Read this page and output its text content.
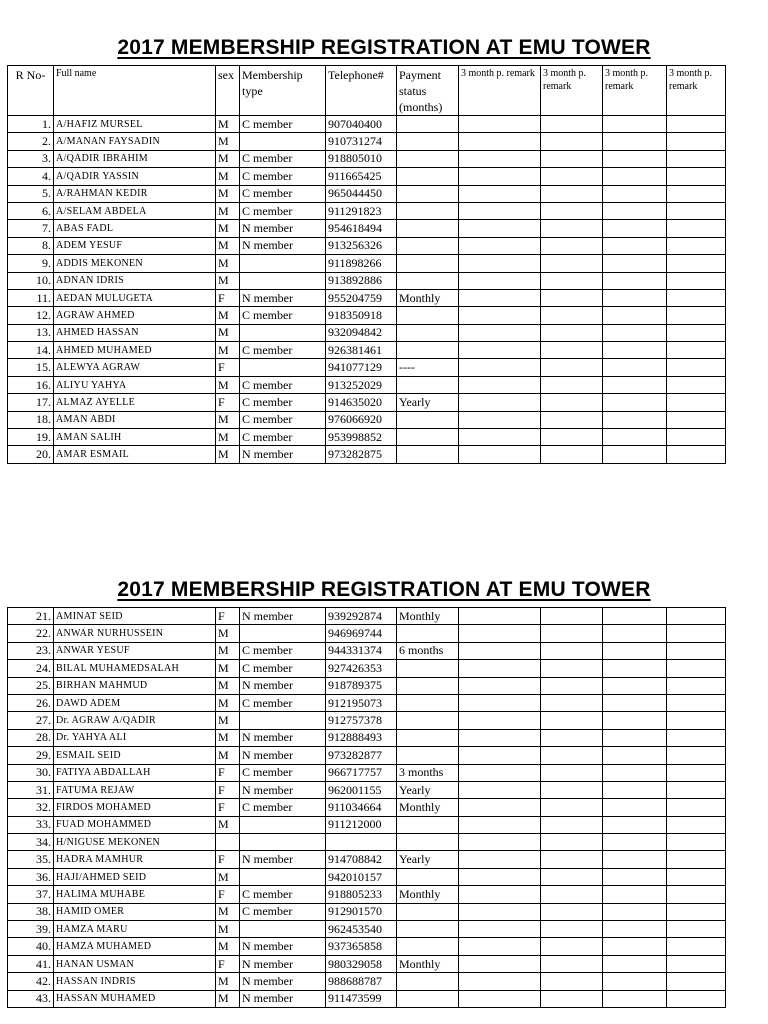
2017 MEMBERSHIP REGISTRATION AT EMU TOWER
R No-	Full name	sex	Membership type	Telephone#	Payment status (months)	3 month p. remark	3 month p. remark	3 month p. remark	3 month p. remark
1.	A/HAFIZ MURSEL	M	C member	907040400					
2.	A/MANAN FAYSADIN	M		910731274					
3.	A/QADIR IBRAHIM	M	C member	918805010					
4.	A/QADIR YASSIN	M	C member	911665425					
5.	A/RAHMAN KEDIR	M	C member	965044450					
6.	A/SELAM ABDELA	M	C member	911291823					
7.	ABAS FADL	M	N member	954618494					
8.	ADEM YESUF	M	N member	913256326					
9.	ADDIS MEKONEN	M		911898266					
10.	ADNAN IDRIS	M		913892886					
11.	AEDAN MULUGETA	F	N member	955204759	Monthly				
12.	AGRAW AHMED	M	C member	918350918					
13.	AHMED HASSAN	M		932094842					
14.	AHMED MUHAMED	M	C member	926381461					
15.	ALEWYA AGRAW	F		941077129	----				
16.	ALIYU YAHYA	M	C member	913252029					
17.	ALMAZ AYELLE	F	C member	914635020	Yearly				
18.	AMAN ABDI	M	C member	976066920					
19.	AMAN SALIH	M	C member	953998852					
20.	AMAR ESMAIL	M	N member	973282875					
2017 MEMBERSHIP REGISTRATION AT EMU TOWER
21.	AMINAT SEID	F	N member	939292874	Monthly				
22.	ANWAR NURHUSSEIN	M		946969744					
23.	ANWAR YESUF	M	C member	944331374	6 months				
24.	BILAL MUHAMEDSALAH	M	C member	927426353					
25.	BIRHAN MAHMUD	M	N member	918789375					
26.	DAWD ADEM	M	C member	912195073					
27.	Dr. AGRAW A/QADIR	M		912757378					
28.	Dr. YAHYA ALI	M	N member	912888493					
29.	ESMAIL SEID	M	N member	973282877					
30.	FATIYA ABDALLAH	F	C member	966717757	3 months				
31.	FATUMA REJAW	F	N member	962001155	Yearly				
32.	FIRDOS MOHAMED	F	C member	911034664	Monthly				
33.	FUAD MOHAMMED	M		911212000					
34.	H/NIGUSE MEKONEN								
35.	HADRA MAMHUR	F	N member	914708842	Yearly				
36.	HAJI/AHMED SEID	M		942010157					
37.	HALIMA MUHABE	F	C member	918805233	Monthly				
38.	HAMID OMER	M	C member	912901570					
39.	HAMZA MARU	M		962453540					
40.	HAMZA MUHAMED	M	N member	937365858					
41.	HANAN USMAN	F	N member	980329058	Monthly				
42.	HASSAN INDRIS	M	N member	988688787					
43.	HASSAN MUHAMED	M	N member	911473599					
